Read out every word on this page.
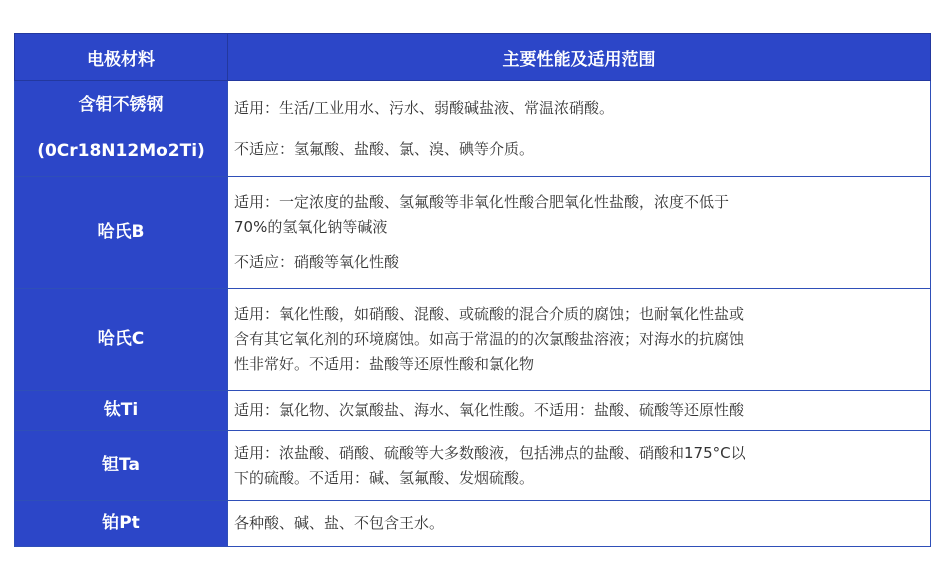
电极材料	主要性能及适用范围

含钼不锈钢
(0Cr18N12Mo2Ti)	适用：生活/工业用水、污水、弱酸碱盐液、常温浓硝酸。
不适应：氢氟酸、盐酸、氯、溴、碘等介质。

哈氏B	适用：一定浓度的盐酸、氢氟酸等非氧化性酸合肥氧化性盐酸，浓度不低于
70%的氢氧化钠等碱液
不适应：硝酸等氧化性酸

哈氏C	适用：氧化性酸，如硝酸、混酸、或硫酸的混合介质的腐蚀；也耐氧化性盐或
含有其它氧化剂的环境腐蚀。如高于常温的的次氯酸盐溶液；对海水的抗腐蚀
性非常好。不适用：盐酸等还原性酸和氯化物

钛Ti	适用：氯化物、次氯酸盐、海水、氧化性酸。不适用：盐酸、硫酸等还原性酸

钽Ta	适用：浓盐酸、硝酸、硫酸等大多数酸液，包括沸点的盐酸、硝酸和175°C以
下的硫酸。不适用：碱、氢氟酸、发烟硫酸。

铂Pt	各种酸、碱、盐、不包含王水。
